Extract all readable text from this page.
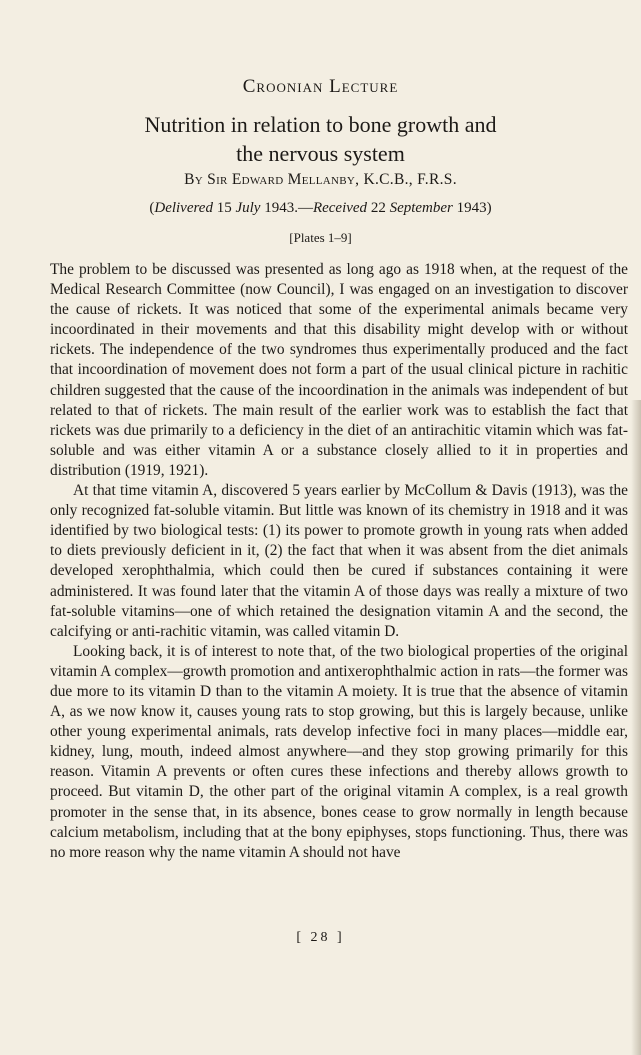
Croonian Lecture
Nutrition in relation to bone growth and
the nervous system
By Sir Edward Mellanby, K.C.B., F.R.S.
(Delivered 15 July 1943.—Received 22 September 1943)
[Plates 1–9]

The problem to be discussed was presented as long ago as 1918 when, at the request of the Medical Research Committee (now Council), I was engaged on an investigation to discover the cause of rickets. It was noticed that some of the experimental animals became very incoordinated in their movements and that this disability might develop with or without rickets. The independence of the two syndromes thus experimentally produced and the fact that incoordination of movement does not form a part of the usual clinical picture in rachitic children suggested that the cause of the incoordination in the animals was independent of but related to that of rickets. The main result of the earlier work was to establish the fact that rickets was due primarily to a deficiency in the diet of an antirachitic vitamin which was fat-soluble and was either vitamin A or a substance closely allied to it in properties and distribution (1919, 1921).

At that time vitamin A, discovered 5 years earlier by McCollum & Davis (1913), was the only recognized fat-soluble vitamin. But little was known of its chemistry in 1918 and it was identified by two biological tests: (1) its power to promote growth in young rats when added to diets previously deficient in it, (2) the fact that when it was absent from the diet animals developed xerophthalmia, which could then be cured if substances containing it were administered. It was found later that the vitamin A of those days was really a mixture of two fat-soluble vitamins—one of which retained the designation vitamin A and the second, the calcifying or anti-rachitic vitamin, was called vitamin D.

Looking back, it is of interest to note that, of the two biological properties of the original vitamin A complex—growth promotion and antixerophthalmic action in rats—the former was due more to its vitamin D than to the vitamin A moiety. It is true that the absence of vitamin A, as we now know it, causes young rats to stop growing, but this is largely because, unlike other young experimental animals, rats develop infective foci in many places—middle ear, kidney, lung, mouth, indeed almost anywhere—and they stop growing primarily for this reason. Vitamin A prevents or often cures these infections and thereby allows growth to proceed. But vitamin D, the other part of the original vitamin A complex, is a real growth promoter in the sense that, in its absence, bones cease to grow normally in length because calcium metabolism, including that at the bony epiphyses, stops functioning. Thus, there was no more reason why the name vitamin A should not have

[ 28 ]
